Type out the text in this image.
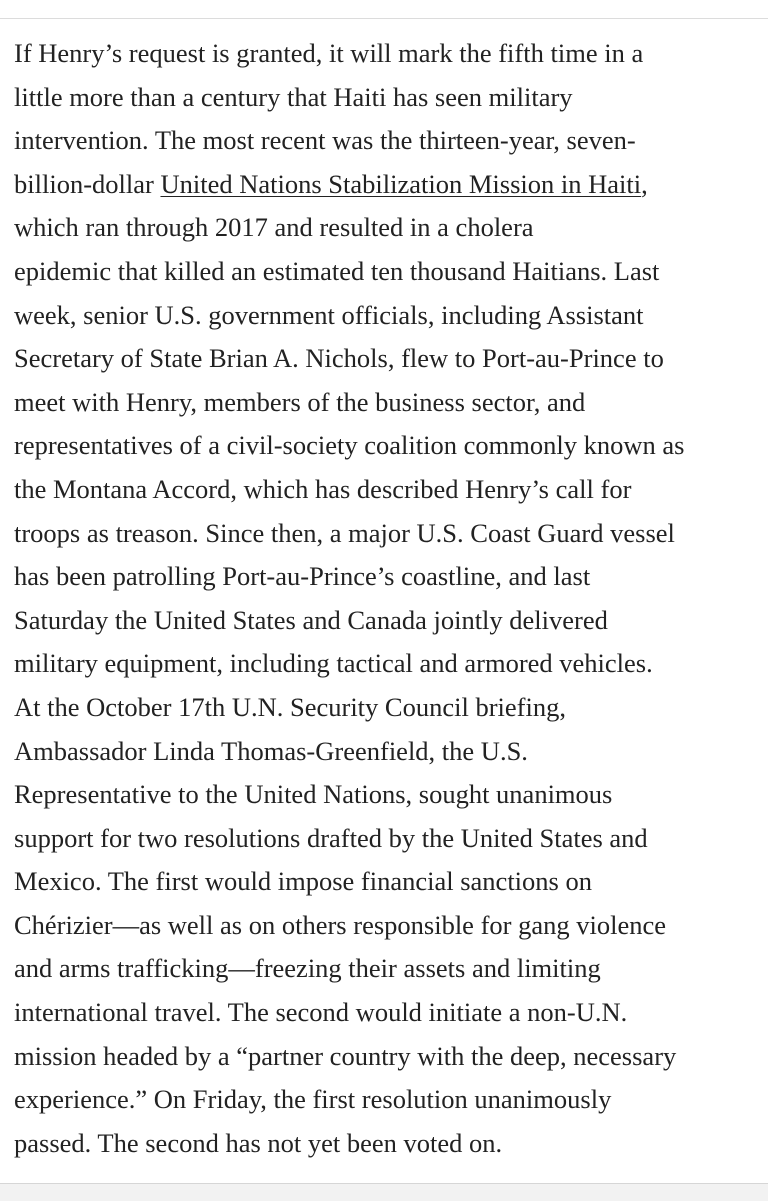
If Henry’s request is granted, it will mark the fifth time in a
little more than a century that Haiti has seen military
intervention. The most recent was the thirteen-year, seven-
billion-dollar United Nations Stabilization Mission in Haiti,
which ran through 2017 and resulted in a cholera
epidemic that killed an estimated ten thousand Haitians. Last
week, senior U.S. government officials, including Assistant
Secretary of State Brian A. Nichols, flew to Port-au-Prince to
meet with Henry, members of the business sector, and
representatives of a civil-society coalition commonly known as
the Montana Accord, which has described Henry’s call for
troops as treason. Since then, a major U.S. Coast Guard vessel
has been patrolling Port-au-Prince’s coastline, and last
Saturday the United States and Canada jointly delivered
military equipment, including tactical and armored vehicles.
At the October 17th U.N. Security Council briefing,
Ambassador Linda Thomas-Greenfield, the U.S.
Representative to the United Nations, sought unanimous
support for two resolutions drafted by the United States and
Mexico. The first would impose financial sanctions on
Chérizier—as well as on others responsible for gang violence
and arms trafficking—freezing their assets and limiting
international travel. The second would initiate a non-U.N.
mission headed by a “partner country with the deep, necessary
experience.” On Friday, the first resolution unanimously
passed. The second has not yet been voted on.
